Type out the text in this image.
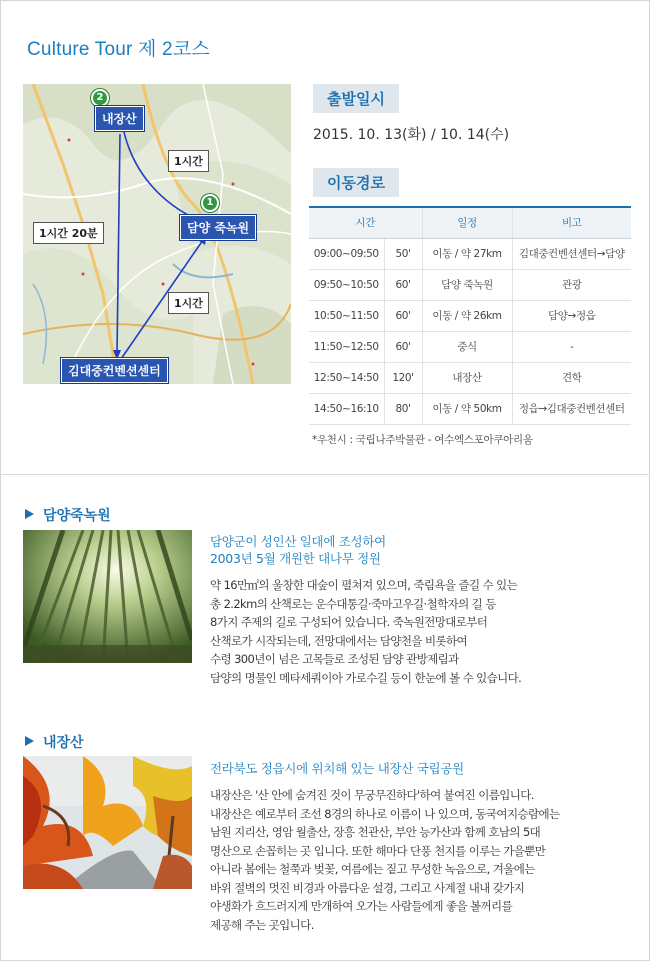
Culture Tour 제 2코스
2
1
내장산
담양 죽녹원
김대중컨벤션센터
1시간
1시간 20분
1시간
출발일시
2015. 10. 13(화) / 10. 14(수)
이동경로
시간		일정	비고
09:00~09:50	50'	이동 / 약 27km	김대중컨벤션센터→담양
09:50~10:50	60'	담양 죽녹원	관광
10:50~11:50	60'	이동 / 약 26km	담양→정읍
11:50~12:50	60'	중식	-
12:50~14:50	120'	내장산	견학
14:50~16:10	80'	이동 / 약 50km	정읍→김대중컨벤션센터
*우천시 : 국립나주박물관 - 여수엑스포아쿠아리움
담양죽녹원
담양군이 성인산 일대에 조성하여
2003년 5월 개원한 대나무 정원
약 16만㎡의 울창한 대숲이 펼쳐져 있으며, 죽림욕을 즐길 수 있는
총 2.2km의 산책로는 운수대통길·죽마고우길·철학자의 길 등
8가지 주제의 길로 구성되어 있습니다. 죽녹원전망대로부터
산책로가 시작되는데, 전망대에서는 담양천을 비롯하여
수령 300년이 넘은 고목들로 조성된 담양 관방제림과
담양의 명물인 메타세쿼이아 가로수길 등이 한눈에 볼 수 있습니다.
내장산
전라북도 정읍시에 위치해 있는 내장산 국립공원
내장산은 '산 안에 숨겨진 것이 무궁무진하다'하여 붙여진 이름입니다.
내장산은 예로부터 조선 8경의 하나로 이름이 나 있으며, 동국여지승람에는
남원 지리산, 영암 월출산, 장흥 천관산, 부안 능가산과 함께 호남의 5대
명산으로 손꼽히는 곳 입니다. 또한 해마다 단풍 천지를 이루는 가을뿐만
아니라 봄에는 철쭉과 벚꽃, 여름에는 짙고 무성한 녹음으로, 겨울에는
바위 절벽의 멋진 비경과 아름다운 설경, 그리고 사계절 내내 갖가지
야생화가 흐드러지게 만개하여 오가는 사람들에게 좋을 볼꺼리를
제공해 주는 곳입니다.
